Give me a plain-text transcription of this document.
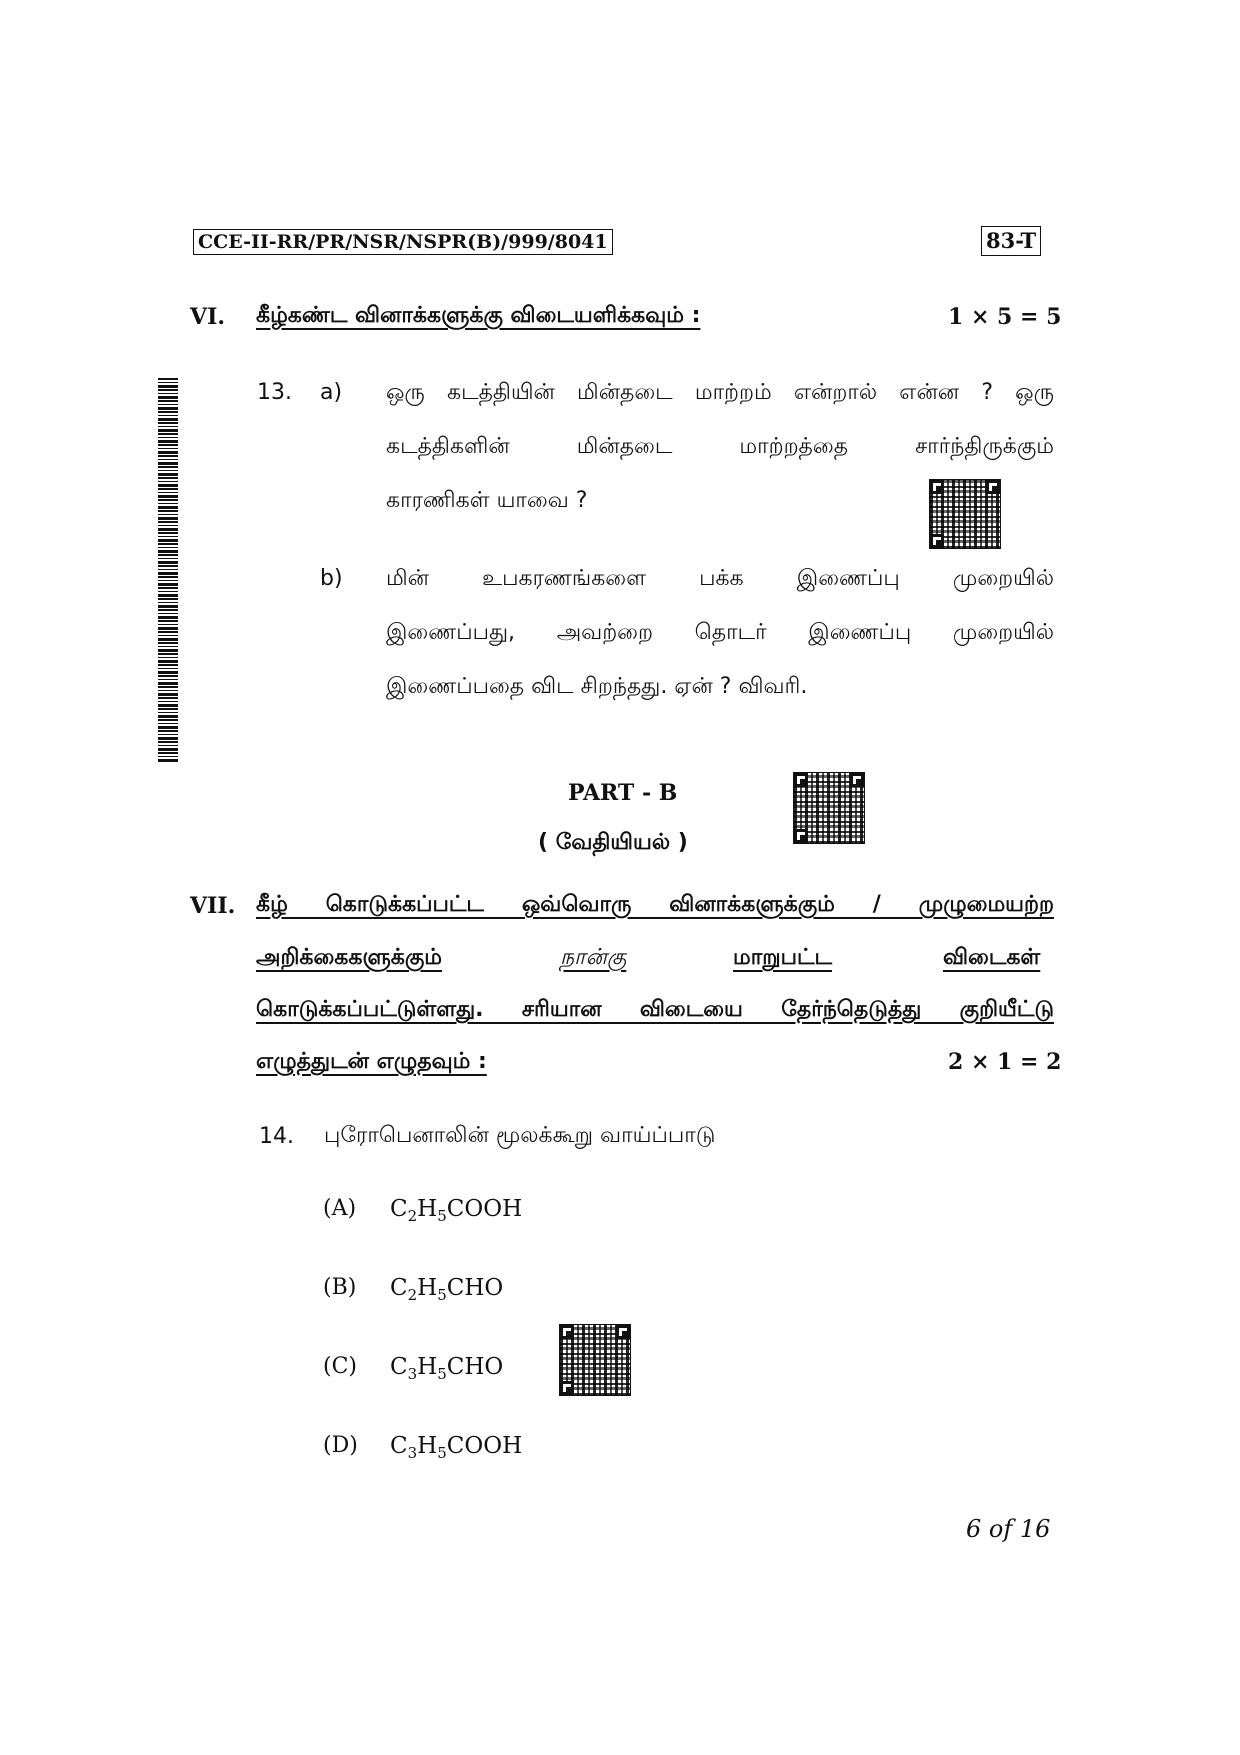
CCE-II-RR/PR/NSR/NSPR(B)/999/8041	83-T
VI. கீழ்கண்ட வினாக்களுக்கு விடையளிக்கவும் :	1 × 5 = 5
13. a) ஒரு கடத்தியின் மின்தடை மாற்றம் என்றால் என்ன ? ஒரு
கடத்திகளின் மின்தடை மாற்றத்தை சார்ந்திருக்கும்
காரணிகள் யாவை ?
b) மின் உபகரணங்களை பக்க இணைப்பு முறையில்
இணைப்பது, அவற்றை தொடர் இணைப்பு முறையில்
இணைப்பதை விட சிறந்தது. ஏன் ? விவரி.
PART - B
( வேதியியல் )
VII. கீழ் கொடுக்கப்பட்ட ஒவ்வொரு வினாக்களுக்கும் / முழுமையற்ற
அறிக்கைகளுக்கும்	நான்கு	மாறுபட்ட	விடைகள்
கொடுக்கப்பட்டுள்ளது. சரியான விடையை தேர்ந்தெடுத்து குறியீட்டு
எழுத்துடன் எழுதவும் :	2 × 1 = 2
14. புரோபெனாலின் மூலக்கூறு வாய்ப்பாடு
(A) $C_2H_5COOH$
(B) $C_2H_5CHO$
(C) $C_3H_5CHO$
(D) $C_3H_5COOH$
6 of 16
